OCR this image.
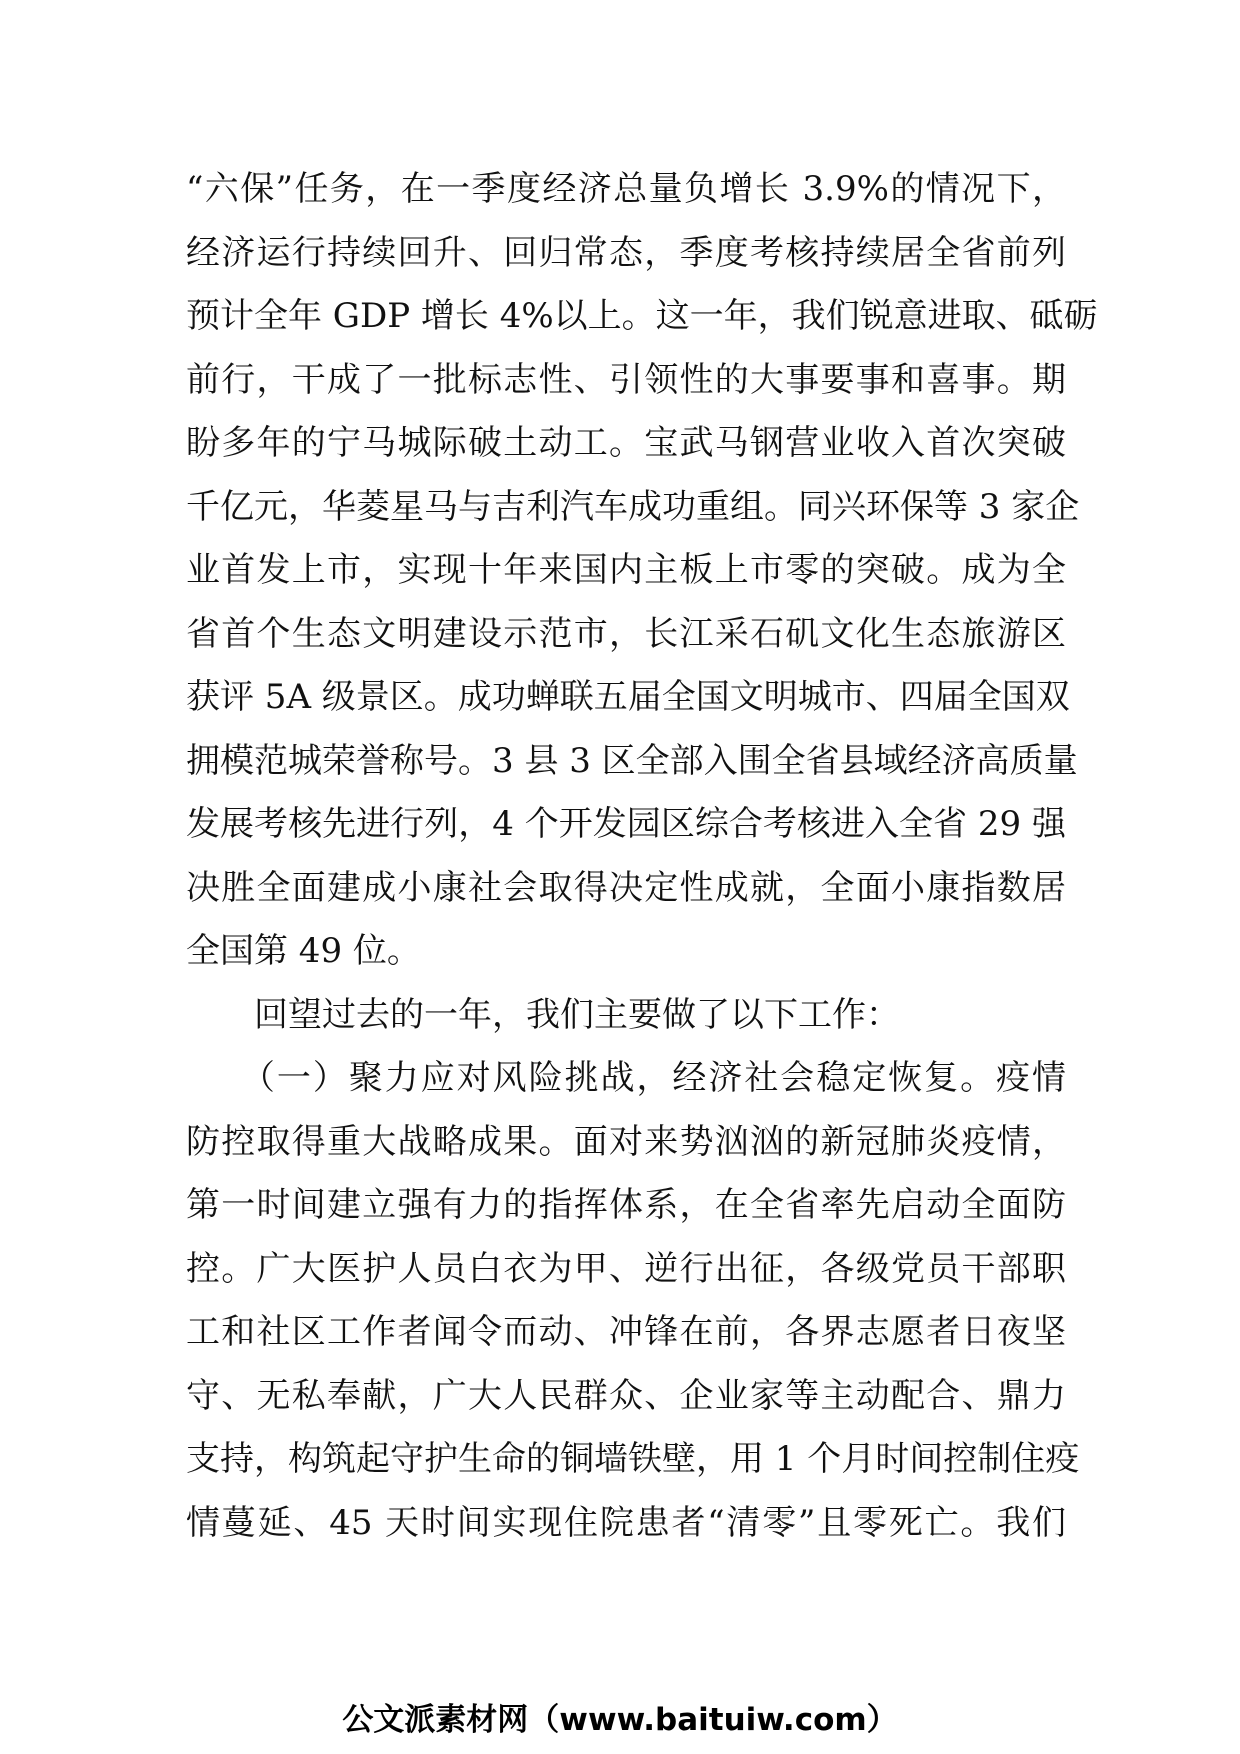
“六保”任务，在一季度经济总量负增长 3.9%的情况下，
经济运行持续回升、回归常态，季度考核持续居全省前列
预计全年 GDP 增长 4%以上。这一年，我们锐意进取、砥砺
前行，干成了一批标志性、引领性的大事要事和喜事。期
盼多年的宁马城际破土动工。宝武马钢营业收入首次突破
千亿元，华菱星马与吉利汽车成功重组。同兴环保等 3 家企
业首发上市，实现十年来国内主板上市零的突破。成为全
省首个生态文明建设示范市，长江采石矶文化生态旅游区
获评 5A 级景区。成功蝉联五届全国文明城市、四届全国双
拥模范城荣誉称号。3 县 3 区全部入围全省县域经济高质量
发展考核先进行列，4 个开发园区综合考核进入全省 29 强
决胜全面建成小康社会取得决定性成就，全面小康指数居
全国第 49 位。
　　回望过去的一年，我们主要做了以下工作：
　　（一）聚力应对风险挑战，经济社会稳定恢复。疫情
防控取得重大战略成果。面对来势汹汹的新冠肺炎疫情，
第一时间建立强有力的指挥体系，在全省率先启动全面防
控。广大医护人员白衣为甲、逆行出征，各级党员干部职
工和社区工作者闻令而动、冲锋在前，各界志愿者日夜坚
守、无私奉献，广大人民群众、企业家等主动配合、鼎力
支持，构筑起守护生命的铜墙铁壁，用 1 个月时间控制住疫
情蔓延、45 天时间实现住院患者“清零”且零死亡。我们
公文派素材网（www.baituiw.com）
